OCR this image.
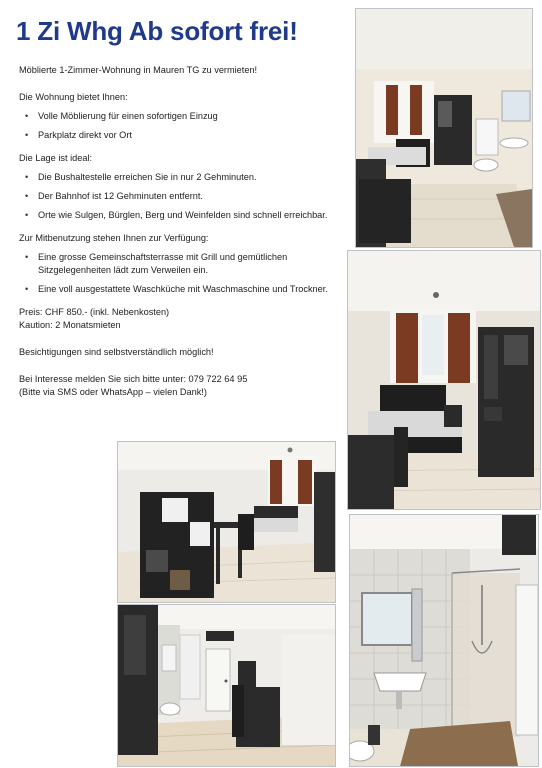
1 Zi Whg Ab sofort frei!

Möblierte 1-Zimmer-Wohnung in Mauren TG zu vermieten!

Die Wohnung bietet Ihnen:

• Volle Möblierung für einen sofortigen Einzug
• Parkplatz direkt vor Ort

Die Lage ist ideal:

• Die Bushaltestelle erreichen Sie in nur 2 Gehminuten.
• Der Bahnhof ist 12 Gehminuten entfernt.
• Orte wie Sulgen, Bürglen, Berg und Weinfelden sind schnell erreichbar.

Zur Mitbenutzung stehen Ihnen zur Verfügung:

• Eine grosse Gemeinschaftsterrasse mit Grill und gemütlichen Sitzgelegenheiten lädt zum Verweilen ein.
• Eine voll ausgestattete Waschküche mit Waschmaschine und Trockner.

Preis: CHF 850.- (inkl. Nebenkosten)

Kaution: 2 Monatsmieten

Besichtigungen sind selbstverständlich möglich!

Bei Interesse melden Sie sich bitte unter: 079 722 64 95

(Bitte via SMS oder WhatsApp – vielen Dank!)
